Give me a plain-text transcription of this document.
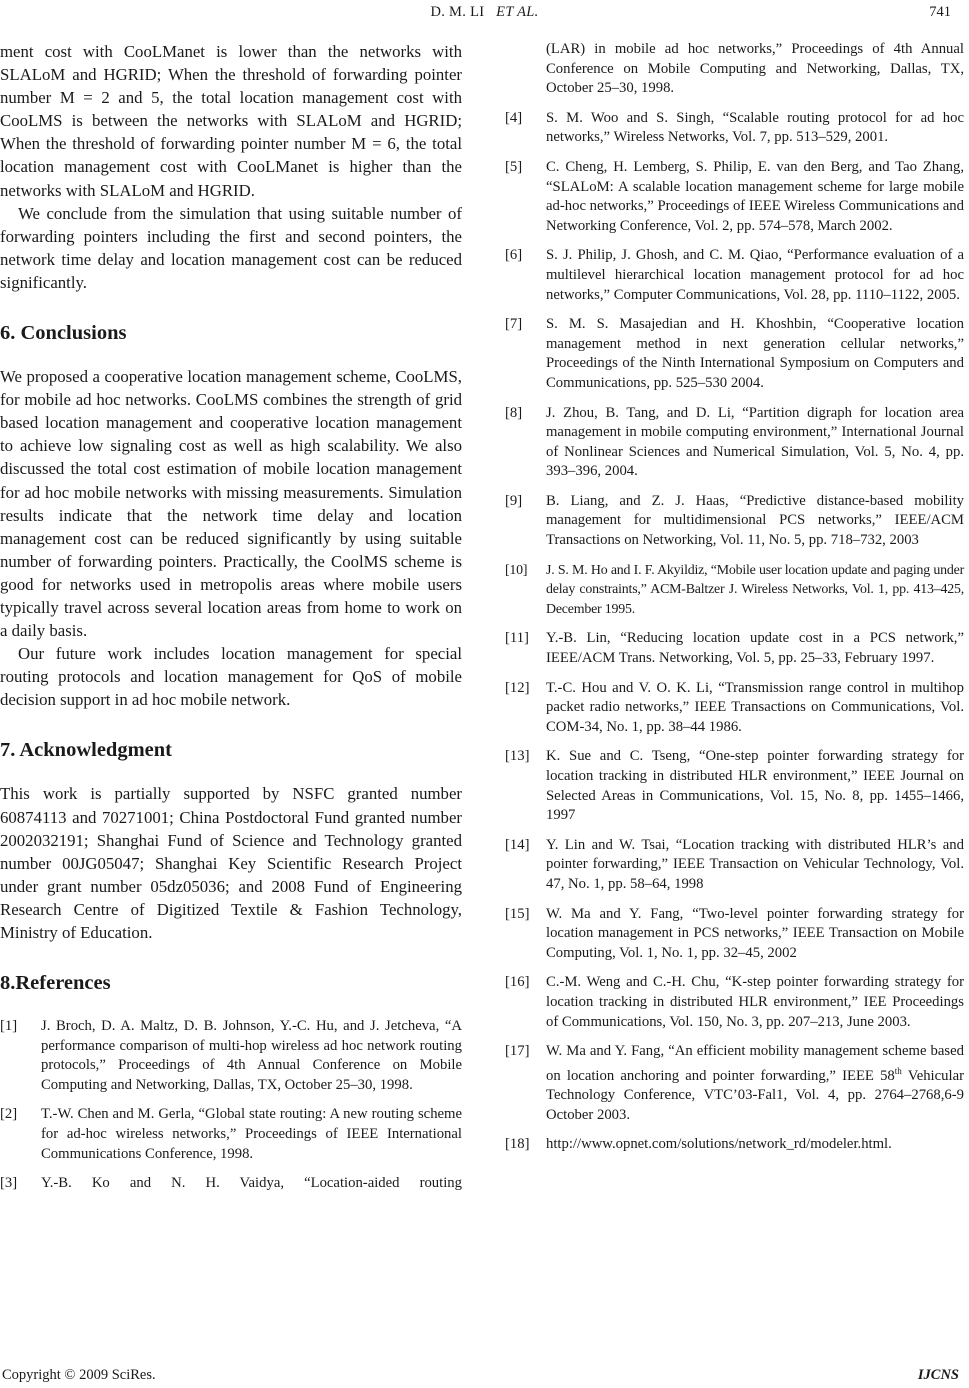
D. M. LI ET AL.	741

ment cost with CooLManet is lower than the networks with SLALoM and HGRID; When the threshold of forwarding pointer number M = 2 and 5, the total location management cost with CooLMS is between the networks with SLALoM and HGRID; When the threshold of forwarding pointer number M = 6, the total location management cost with CooLManet is higher than the networks with SLALoM and HGRID.

We conclude from the simulation that using suitable number of forwarding pointers including the first and second pointers, the network time delay and location management cost can be reduced significantly.

6. Conclusions

We proposed a cooperative location management scheme, CooLMS, for mobile ad hoc networks. CooLMS combines the strength of grid based location management and cooperative location management to achieve low signaling cost as well as high scalability. We also discussed the total cost estimation of mobile location management for ad hoc mobile networks with missing measurements. Simulation results indicate that the network time delay and location management cost can be reduced significantly by using suitable number of forwarding pointers. Practically, the CoolMS scheme is good for networks used in metropolis areas where mobile users typically travel across several location areas from home to work on a daily basis.

Our future work includes location management for special routing protocols and location management for QoS of mobile decision support in ad hoc mobile network.

7. Acknowledgment

This work is partially supported by NSFC granted number 60874113 and 70271001; China Postdoctoral Fund granted number 2002032191; Shanghai Fund of Science and Technology granted number 00JG05047; Shanghai Key Scientific Research Project under grant number 05dz05036; and 2008 Fund of Engineering Research Centre of Digitized Textile & Fashion Technology, Ministry of Education.

8.References

[1] J. Broch, D. A. Maltz, D. B. Johnson, Y.-C. Hu, and J. Jetcheva, “A performance comparison of multi-hop wireless ad hoc network routing protocols,” Proceedings of 4th Annual Conference on Mobile Computing and Networking, Dallas, TX, October 25–30, 1998.

[2] T.-W. Chen and M. Gerla, “Global state routing: A new routing scheme for ad-hoc wireless networks,” Proceedings of IEEE International Communications Conference, 1998.

[3] Y.-B. Ko and N. H. Vaidya, “Location-aided routing

(LAR) in mobile ad hoc networks,” Proceedings of 4th Annual Conference on Mobile Computing and Networking, Dallas, TX, October 25–30, 1998.

[4] S. M. Woo and S. Singh, “Scalable routing protocol for ad hoc networks,” Wireless Networks, Vol. 7, pp. 513–529, 2001.

[5] C. Cheng, H. Lemberg, S. Philip, E. van den Berg, and Tao Zhang, “SLALoM: A scalable location management scheme for large mobile ad-hoc networks,” Proceedings of IEEE Wireless Communications and Networking Conference, Vol. 2, pp. 574–578, March 2002.

[6] S. J. Philip, J. Ghosh, and C. M. Qiao, “Performance evaluation of a multilevel hierarchical location management protocol for ad hoc networks,” Computer Communications, Vol. 28, pp. 1110–1122, 2005.

[7] S. M. S. Masajedian and H. Khoshbin, “Cooperative location management method in next generation cellular networks,” Proceedings of the Ninth International Symposium on Computers and Communications, pp. 525–530 2004.

[8] J. Zhou, B. Tang, and D. Li, “Partition digraph for location area management in mobile computing environment,” International Journal of Nonlinear Sciences and Numerical Simulation, Vol. 5, No. 4, pp. 393–396, 2004.

[9] B. Liang, and Z. J. Haas, “Predictive distance-based mobility management for multidimensional PCS networks,” IEEE/ACM Transactions on Networking, Vol. 11, No. 5, pp. 718–732, 2003

[10] J. S. M. Ho and I. F. Akyildiz, “Mobile user location update and paging under delay constraints,” ACM-Baltzer J. Wireless Networks, Vol. 1, pp. 413–425, December 1995.

[11] Y.-B. Lin, “Reducing location update cost in a PCS network,” IEEE/ACM Trans. Networking, Vol. 5, pp. 25–33, February 1997.

[12] T.-C. Hou and V. O. K. Li, “Transmission range control in multihop packet radio networks,” IEEE Transactions on Communications, Vol. COM-34, No. 1, pp. 38–44 1986.

[13] K. Sue and C. Tseng, “One-step pointer forwarding strategy for location tracking in distributed HLR environment,” IEEE Journal on Selected Areas in Communications, Vol. 15, No. 8, pp. 1455–1466, 1997

[14] Y. Lin and W. Tsai, “Location tracking with distributed HLR’s and pointer forwarding,” IEEE Transaction on Vehicular Technology, Vol. 47, No. 1, pp. 58–64, 1998

[15] W. Ma and Y. Fang, “Two-level pointer forwarding strategy for location management in PCS networks,” IEEE Transaction on Mobile Computing, Vol. 1, No. 1, pp. 32–45, 2002

[16] C.-M. Weng and C.-H. Chu, “K-step pointer forwarding strategy for location tracking in distributed HLR environment,” IEE Proceedings of Communications, Vol. 150, No. 3, pp. 207–213, June 2003.

[17] W. Ma and Y. Fang, “An efficient mobility management scheme based on location anchoring and pointer forwarding,” IEEE 58th Vehicular Technology Conference, VTC’03-Fal1, Vol. 4, pp. 2764–2768,6-9 October 2003.

[18] http://www.opnet.com/solutions/network_rd/modeler.html.

Copyright © 2009 SciRes.	IJCNS
